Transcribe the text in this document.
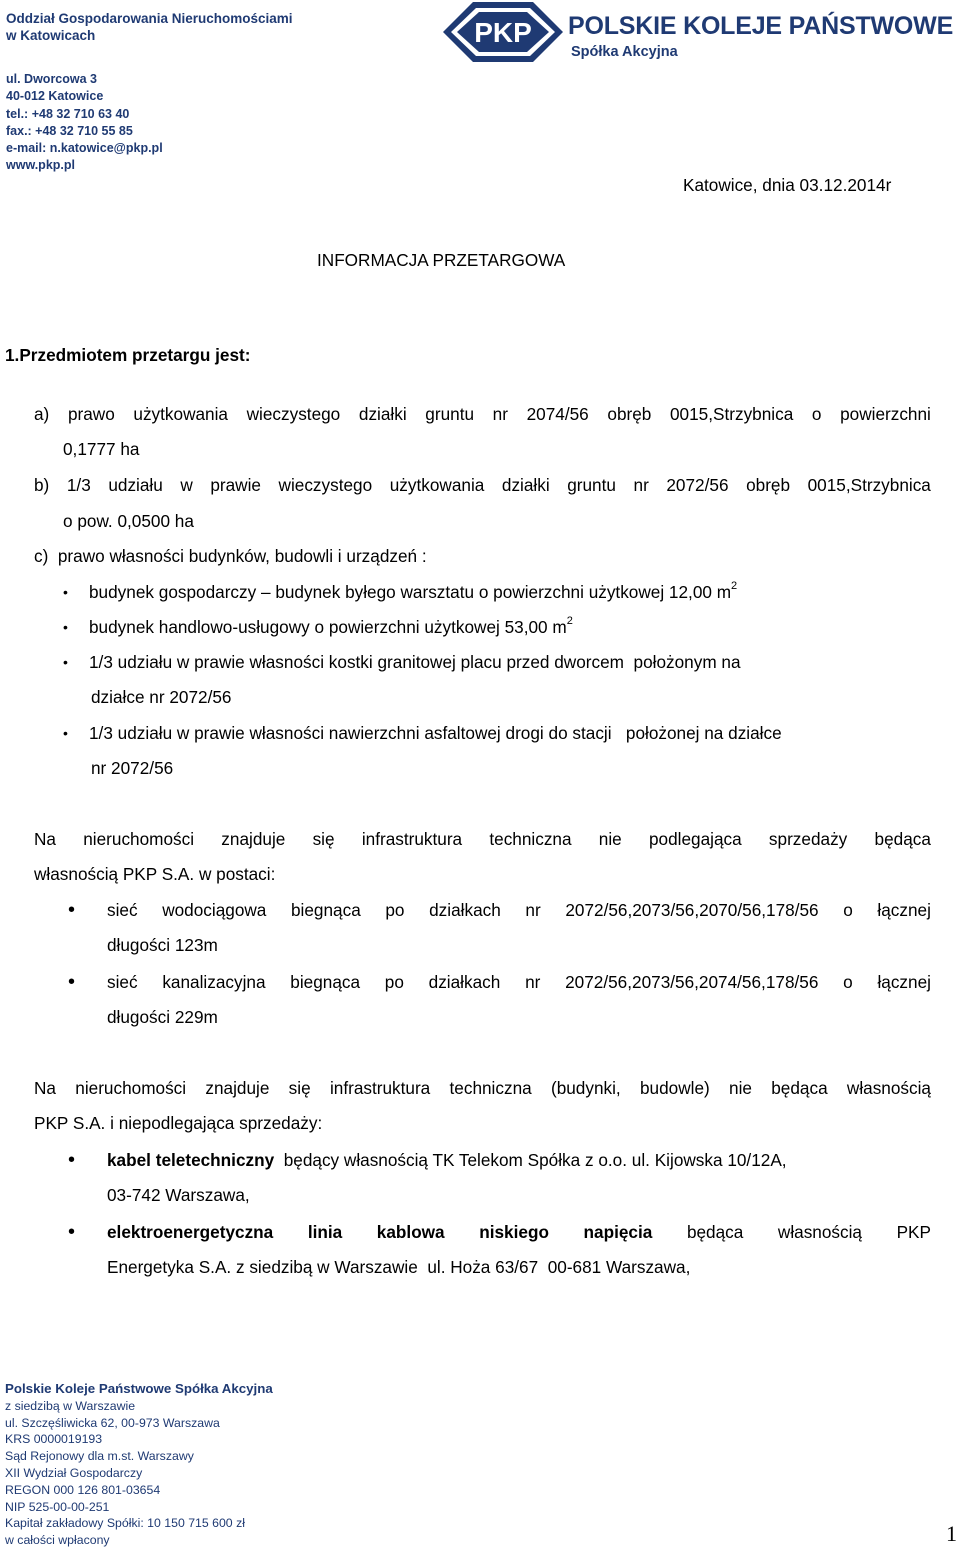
Oddział Gospodarowania Nieruchomościami
w Katowicach
ul. Dworcowa 3
40-012 Katowice
tel.: +48 32 710 63 40
fax.: +48 32 710 55 85
e-mail: n.katowice@pkp.pl
www.pkp.pl
PKP POLSKIE KOLEJE PAŃSTWOWE
Spółka Akcyjna
Katowice, dnia 03.12.2014r
INFORMACJA PRZETARGOWA
1.Przedmiotem przetargu jest:
a) prawo użytkowania wieczystego działki gruntu nr 2074/56 obręb 0015,Strzybnica o powierzchni
0,1777 ha
b) 1/3 udziału w prawie wieczystego użytkowania działki gruntu nr 2072/56 obręb 0015,Strzybnica
o pow. 0,0500 ha
c)  prawo własności budynków, budowli i urządzeń :
• budynek gospodarczy – budynek byłego warsztatu o powierzchni użytkowej 12,00 $m^2$
• budynek handlowo-usługowy o powierzchni użytkowej 53,00 $m^2$
• 1/3 udziału w prawie własności kostki granitowej placu przed dworcem  położonym na
działce nr 2072/56
• 1/3 udziału w prawie własności nawierzchni asfaltowej drogi do stacji   położonej na działce
nr 2072/56
Na nieruchomości znajduje się infrastruktura techniczna nie podlegająca sprzedaży będąca
własnością PKP S.A. w postaci:
• sieć wodociągowa biegnąca po działkach nr 2072/56,2073/56,2070/56,178/56 o łącznej
długości 123m
• sieć kanalizacyjna biegnąca po działkach nr 2072/56,2073/56,2074/56,178/56 o łącznej
długości 229m
Na nieruchomości znajduje się infrastruktura techniczna (budynki, budowle) nie będąca własnością
PKP S.A. i niepodlegająca sprzedaży:
• kabel teletechniczny  będący własnością TK Telekom Spółka z o.o. ul. Kijowska 10/12A,
03-742 Warszawa,
• elektroenergetyczna linia kablowa niskiego napięcia będąca własnością PKP
Energetyka S.A. z siedzibą w Warszawie  ul. Hoża 63/67  00-681 Warszawa,
Polskie Koleje Państwowe Spółka Akcyjna
z siedzibą w Warszawie
ul. Szczęśliwicka 62, 00-973 Warszawa
KRS 0000019193
Sąd Rejonowy dla m.st. Warszawy
XII Wydział Gospodarczy
REGON 000 126 801-03654
NIP 525-00-00-251
Kapitał zakładowy Spółki: 10 150 715 600 zł
w całości wpłacony	1
